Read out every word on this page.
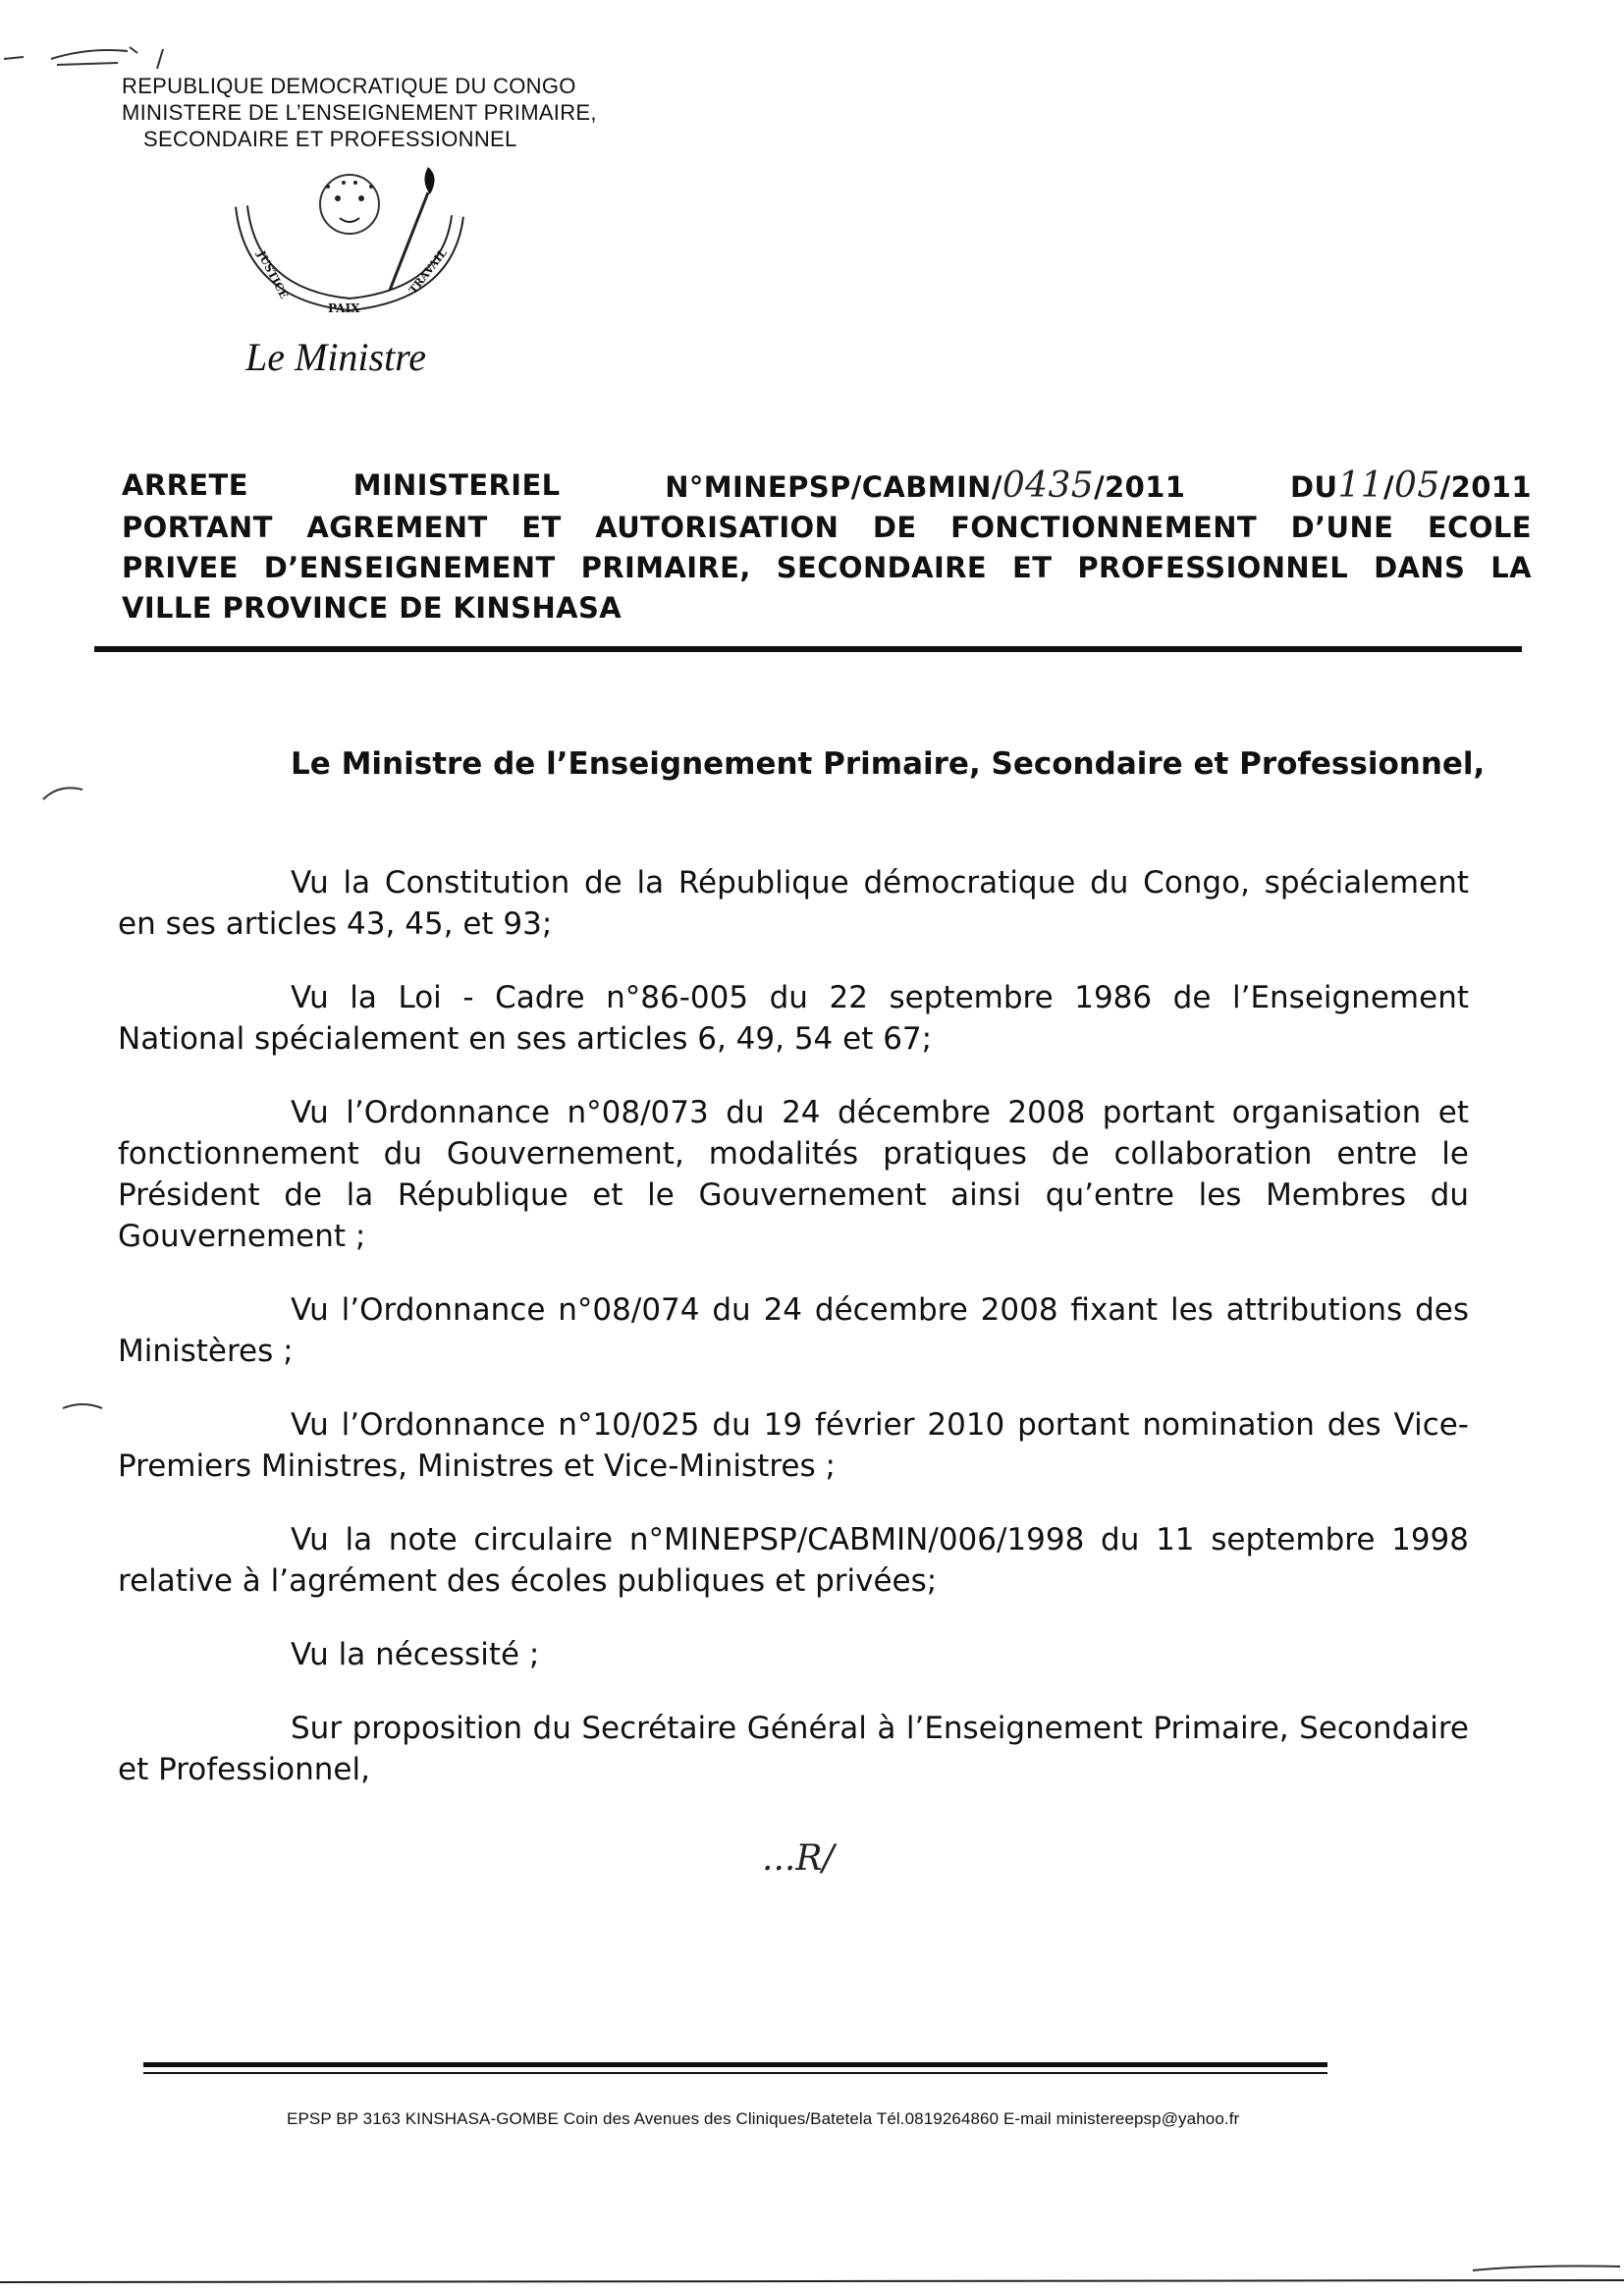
REPUBLIQUE DEMOCRATIQUE DU CONGO
MINISTERE DE L’ENSEIGNEMENT PRIMAIRE,
SECONDAIRE ET PROFESSIONNEL
JUSTICE
PAIX
TRAVAIL
Le Ministre
ARRETE	MINISTERIEL	N°MINEPSP/CABMIN/0435/2011	DU11/05/2011
PORTANT AGREMENT ET AUTORISATION DE FONCTIONNEMENT D’UNE ECOLE
PRIVEE D’ENSEIGNEMENT PRIMAIRE, SECONDAIRE ET PROFESSIONNEL DANS LA
VILLE PROVINCE DE KINSHASA
Le Ministre de l’Enseignement Primaire, Secondaire et Professionnel,

Vu la Constitution de la République démocratique du Congo, spécialement en ses articles 43, 45, et 93;

Vu la Loi - Cadre n°86-005 du 22 septembre 1986 de l’Enseignement National spécialement en ses articles 6, 49, 54 et 67;

Vu l’Ordonnance n°08/073 du 24 décembre 2008 portant organisation et fonctionnement du Gouvernement, modalités pratiques de collaboration entre le Président de la République et le Gouvernement ainsi qu’entre les Membres du Gouvernement ;

Vu l’Ordonnance n°08/074 du 24 décembre 2008 fixant les attributions des Ministères ;

Vu l’Ordonnance n°10/025 du 19 février 2010 portant nomination des Vice-Premiers Ministres, Ministres et Vice-Ministres ;

Vu la note circulaire n°MINEPSP/CABMIN/006/1998 du 11 septembre 1998 relative à l’agrément des écoles publiques et privées;

Vu la nécessité ;

Sur proposition du Secrétaire Général à l’Enseignement Primaire, Secondaire et Professionnel,

...R/
EPSP BP 3163 KINSHASA-GOMBE Coin des Avenues des Cliniques/Batetela Tél.0819264860 E-mail ministereepsp@yahoo.fr
